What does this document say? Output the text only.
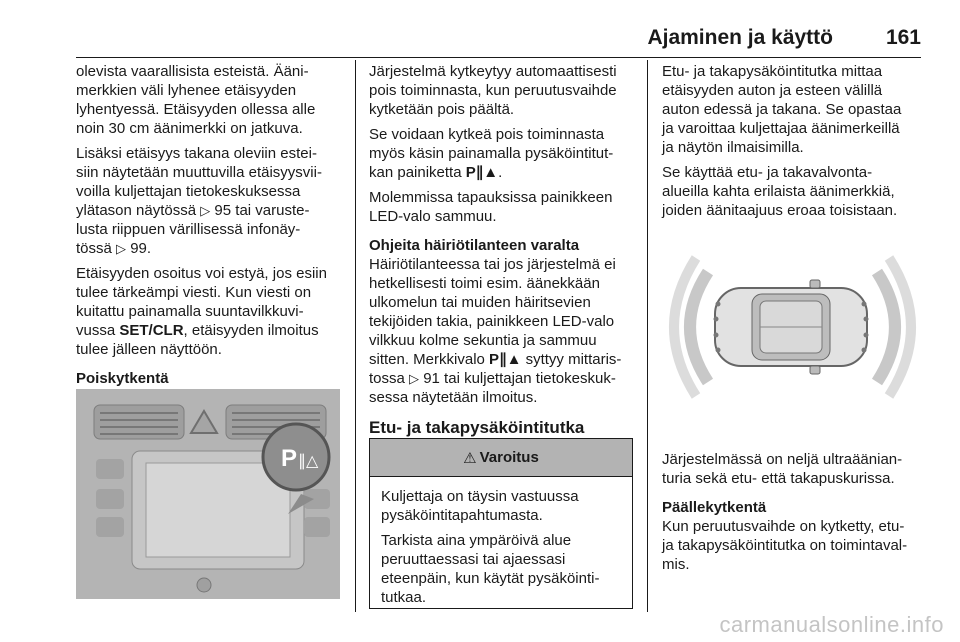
Ajaminen ja käyttö	161

olevista vaarallisista esteistä. Ääni-
merkkien väli lyhenee etäisyyden
lyhentyessä. Etäisyyden ollessa alle
noin 30 cm äänimerkki on jatkuva.

Lisäksi etäisyys takana oleviin estei-
siin näytetään muuttuvilla etäisyysvii-
voilla kuljettajan tietokeskuksessa
ylätason näytössä ▷ 95 tai varuste-
lusta riippuen värillisessä infonäy-
tössä ▷ 99.

Etäisyyden osoitus voi estyä, jos esiin
tulee tärkeämpi viesti. Kun viesti on
kuitattu painamalla suuntavilkkuvi-
vussa SET/CLR, etäisyyden ilmoitus
tulee jälleen näyttöön.

Poiskytkentä
P ∥△

Järjestelmä kytkeytyy automaattisesti
pois toiminnasta, kun peruutusvaihde
kytketään pois päältä.

Se voidaan kytkeä pois toiminnasta
myös käsin painamalla pysäköintitut-
kan painiketta P∥▲.

Molemmissa tapauksissa painikkeen
LED-valo sammuu.

Ohjeita häiriötilanteen varalta

Häiriötilanteessa tai jos järjestelmä ei
hetkellisesti toimi esim. äänekkään
ulkomelun tai muiden häiritsevien
tekijöiden takia, painikkeen LED-valo
vilkkuu kolme sekuntia ja sammuu
sitten. Merkkivalo P∥▲ syttyy mittaris-
tossa ▷ 91 tai kuljettajan tietokeskuk-
sessa näytetään ilmoitus.

Etu- ja takapysäköintitutka
⚠ Varoitus

Kuljettaja on täysin vastuussa pysäköintitapahtumasta.

Tarkista aina ympäröivä alue peruuttaessasi tai ajaessasi eteenpäin, kun käytät pysäköinti- tutkaa.

Etu- ja takapysäköintitutka mittaa
etäisyyden auton ja esteen välillä
auton edessä ja takana. Se opastaa
ja varoittaa kuljettajaa äänimerkeillä
ja näytön ilmaisimilla.

Se käyttää etu- ja takavalvonta-
alueilla kahta erilaista äänimerkkiä,
joiden äänitaajuus eroaa toisistaan.

Järjestelmässä on neljä ultraäänian-
turia sekä etu- että takapuskurissa.

Päällekytkentä

Kun peruutusvaihde on kytketty, etu-
ja takapysäköintitutka on toimintaval-
mis.

carmanualsonline.info
